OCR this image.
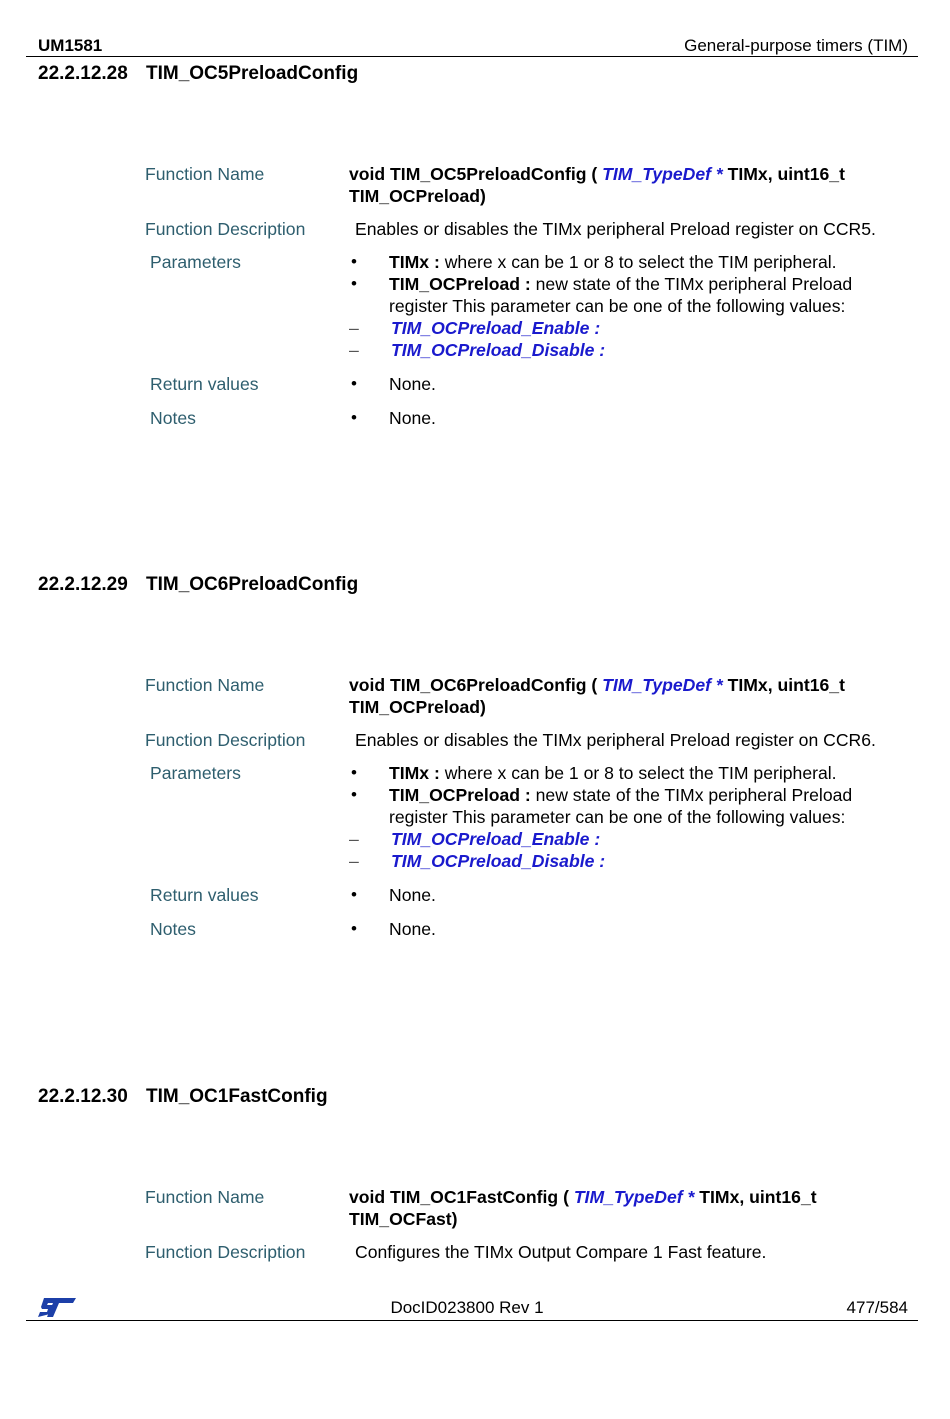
UM1581	General-purpose timers (TIM)
22.2.12.28 TIM_OC5PreloadConfig
Function Name	void TIM_OC5PreloadConfig ( TIM_TypeDef * TIMx, uint16_t TIM_OCPreload)
Function Description	Enables or disables the TIMx peripheral Preload register on CCR5.
Parameters	• TIMx : where x can be 1 or 8 to select the TIM peripheral.
• TIM_OCPreload : new state of the TIMx peripheral Preload register This parameter can be one of the following values:
– TIM_OCPreload_Enable :
– TIM_OCPreload_Disable :
Return values	• None.
Notes	• None.
22.2.12.29 TIM_OC6PreloadConfig
Function Name	void TIM_OC6PreloadConfig ( TIM_TypeDef * TIMx, uint16_t TIM_OCPreload)
Function Description	Enables or disables the TIMx peripheral Preload register on CCR6.
Parameters	• TIMx : where x can be 1 or 8 to select the TIM peripheral.
• TIM_OCPreload : new state of the TIMx peripheral Preload register This parameter can be one of the following values:
– TIM_OCPreload_Enable :
– TIM_OCPreload_Disable :
Return values	• None.
Notes	• None.
22.2.12.30 TIM_OC1FastConfig
Function Name	void TIM_OC1FastConfig ( TIM_TypeDef * TIMx, uint16_t TIM_OCFast)
Function Description	Configures the TIMx Output Compare 1 Fast feature.
DocID023800 Rev 1	477/584
